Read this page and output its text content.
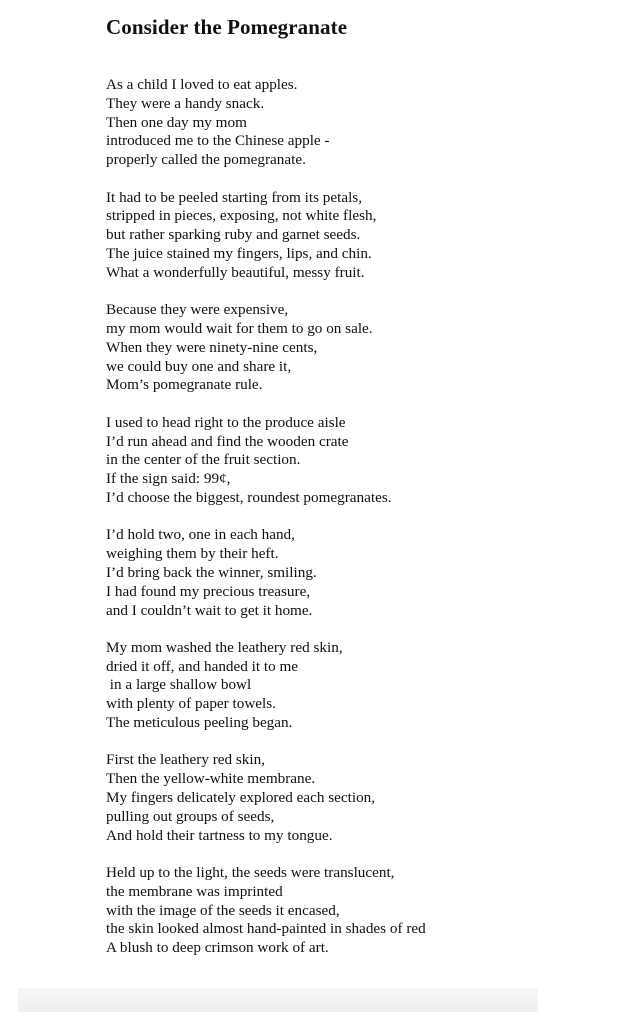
Consider the Pomegranate
As a child I loved to eat apples.
They were a handy snack.
Then one day my mom
introduced me to the Chinese apple -
properly called the pomegranate.
It had to be peeled starting from its petals,
stripped in pieces, exposing, not white flesh,
but rather sparking ruby and garnet seeds.
The juice stained my fingers, lips, and chin.
What a wonderfully beautiful, messy fruit.
Because they were expensive,
my mom would wait for them to go on sale.
When they were ninety-nine cents,
we could buy one and share it,
Mom’s pomegranate rule.
I used to head right to the produce aisle
I’d run ahead and find the wooden crate
in the center of the fruit section.
If the sign said: 99¢,
I’d choose the biggest, roundest pomegranates.
I’d hold two, one in each hand,
weighing them by their heft.
I’d bring back the winner, smiling.
I had found my precious treasure,
and I couldn’t wait to get it home.
My mom washed the leathery red skin,
dried it off, and handed it to me
in a large shallow bowl
with plenty of paper towels.
The meticulous peeling began.
First the leathery red skin,
Then the yellow-white membrane.
My fingers delicately explored each section,
pulling out groups of seeds,
And hold their tartness to my tongue.
Held up to the light, the seeds were translucent,
the membrane was imprinted
with the image of the seeds it encased,
the skin looked almost hand-painted in shades of red
A blush to deep crimson work of art.
